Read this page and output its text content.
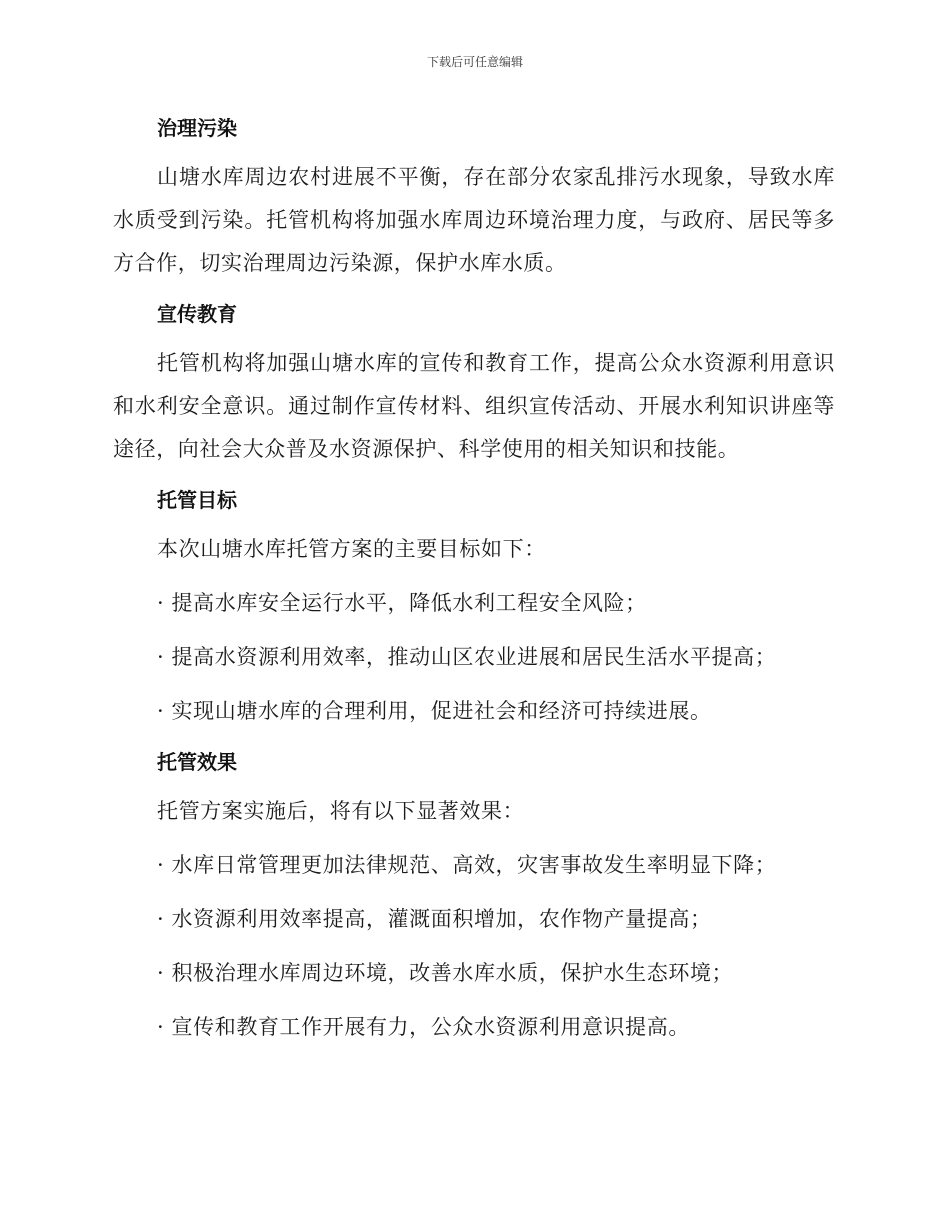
下载后可任意编辑
治理污染

山塘水库周边农村进展不平衡，存在部分农家乱排污水现象，导致水库水质受到污染。托管机构将加强水库周边环境治理力度，与政府、居民等多方合作，切实治理周边污染源，保护水库水质。

宣传教育

托管机构将加强山塘水库的宣传和教育工作，提高公众水资源利用意识和水利安全意识。通过制作宣传材料、组织宣传活动、开展水利知识讲座等途径，向社会大众普及水资源保护、科学使用的相关知识和技能。

托管目标

本次山塘水库托管方案的主要目标如下：

· 提高水库安全运行水平，降低水利工程安全风险；

· 提高水资源利用效率，推动山区农业进展和居民生活水平提高；

· 实现山塘水库的合理利用，促进社会和经济可持续进展。

托管效果

托管方案实施后，将有以下显著效果：

· 水库日常管理更加法律规范、高效，灾害事故发生率明显下降；

· 水资源利用效率提高，灌溉面积增加，农作物产量提高；

· 积极治理水库周边环境，改善水库水质，保护水生态环境；

· 宣传和教育工作开展有力，公众水资源利用意识提高。
